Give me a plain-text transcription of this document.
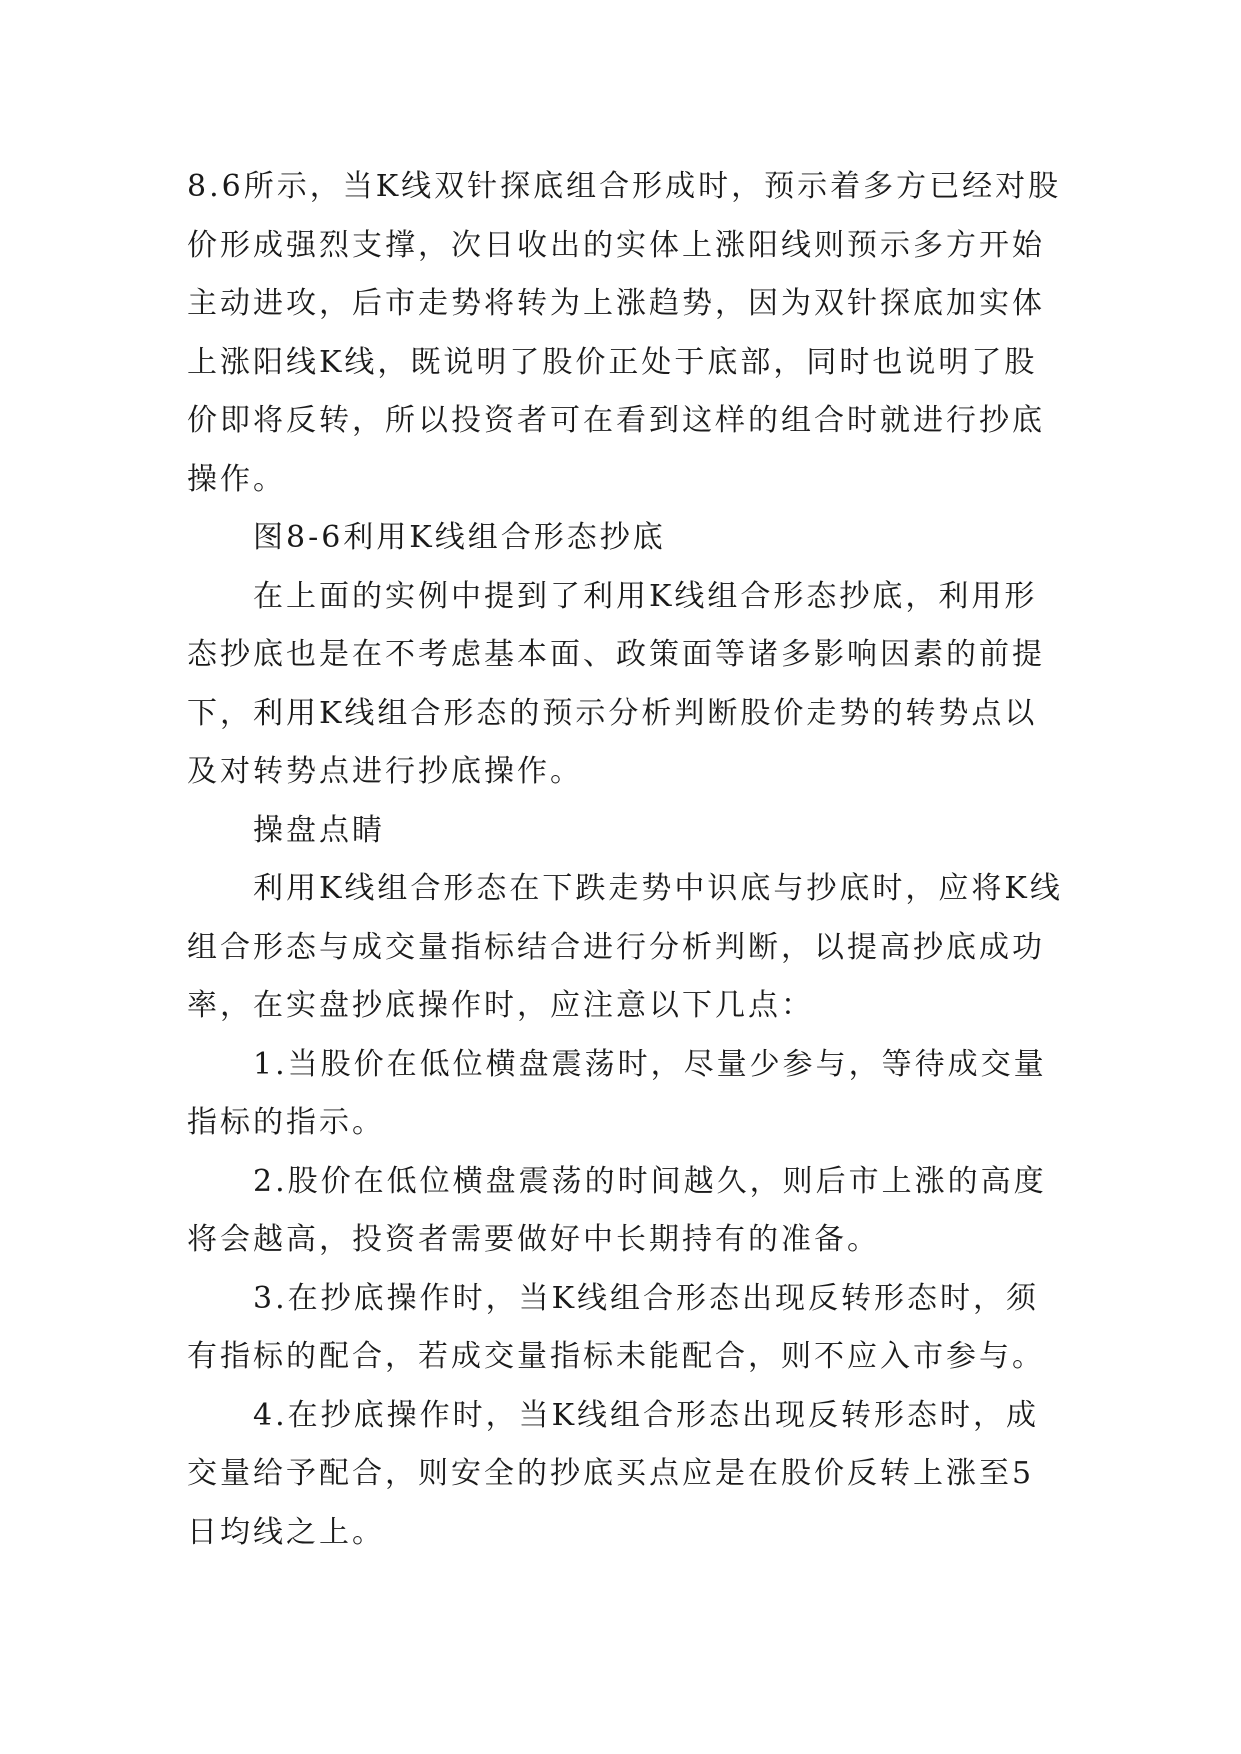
8.6所示，当K线双针探底组合形成时，预示着多方已经对股价形成强烈支撑，次日收出的实体上涨阳线则预示多方开始主动进攻，后市走势将转为上涨趋势，因为双针探底加实体上涨阳线K线，既说明了股价正处于底部，同时也说明了股价即将反转，所以投资者可在看到这样的组合时就进行抄底操作。

图8-6利用K线组合形态抄底

在上面的实例中提到了利用K线组合形态抄底，利用形态抄底也是在不考虑基本面、政策面等诸多影响因素的前提下，利用K线组合形态的预示分析判断股价走势的转势点以及对转势点进行抄底操作。

操盘点睛

利用K线组合形态在下跌走势中识底与抄底时，应将K线组合形态与成交量指标结合进行分析判断，以提高抄底成功率，在实盘抄底操作时，应注意以下几点：

1.当股价在低位横盘震荡时，尽量少参与，等待成交量指标的指示。

2.股价在低位横盘震荡的时间越久，则后市上涨的高度将会越高，投资者需要做好中长期持有的准备。

3.在抄底操作时，当K线组合形态出现反转形态时，须有指标的配合，若成交量指标未能配合，则不应入市参与。

4.在抄底操作时，当K线组合形态出现反转形态时，成交量给予配合，则安全的抄底买点应是在股价反转上涨至5日均线之上。
